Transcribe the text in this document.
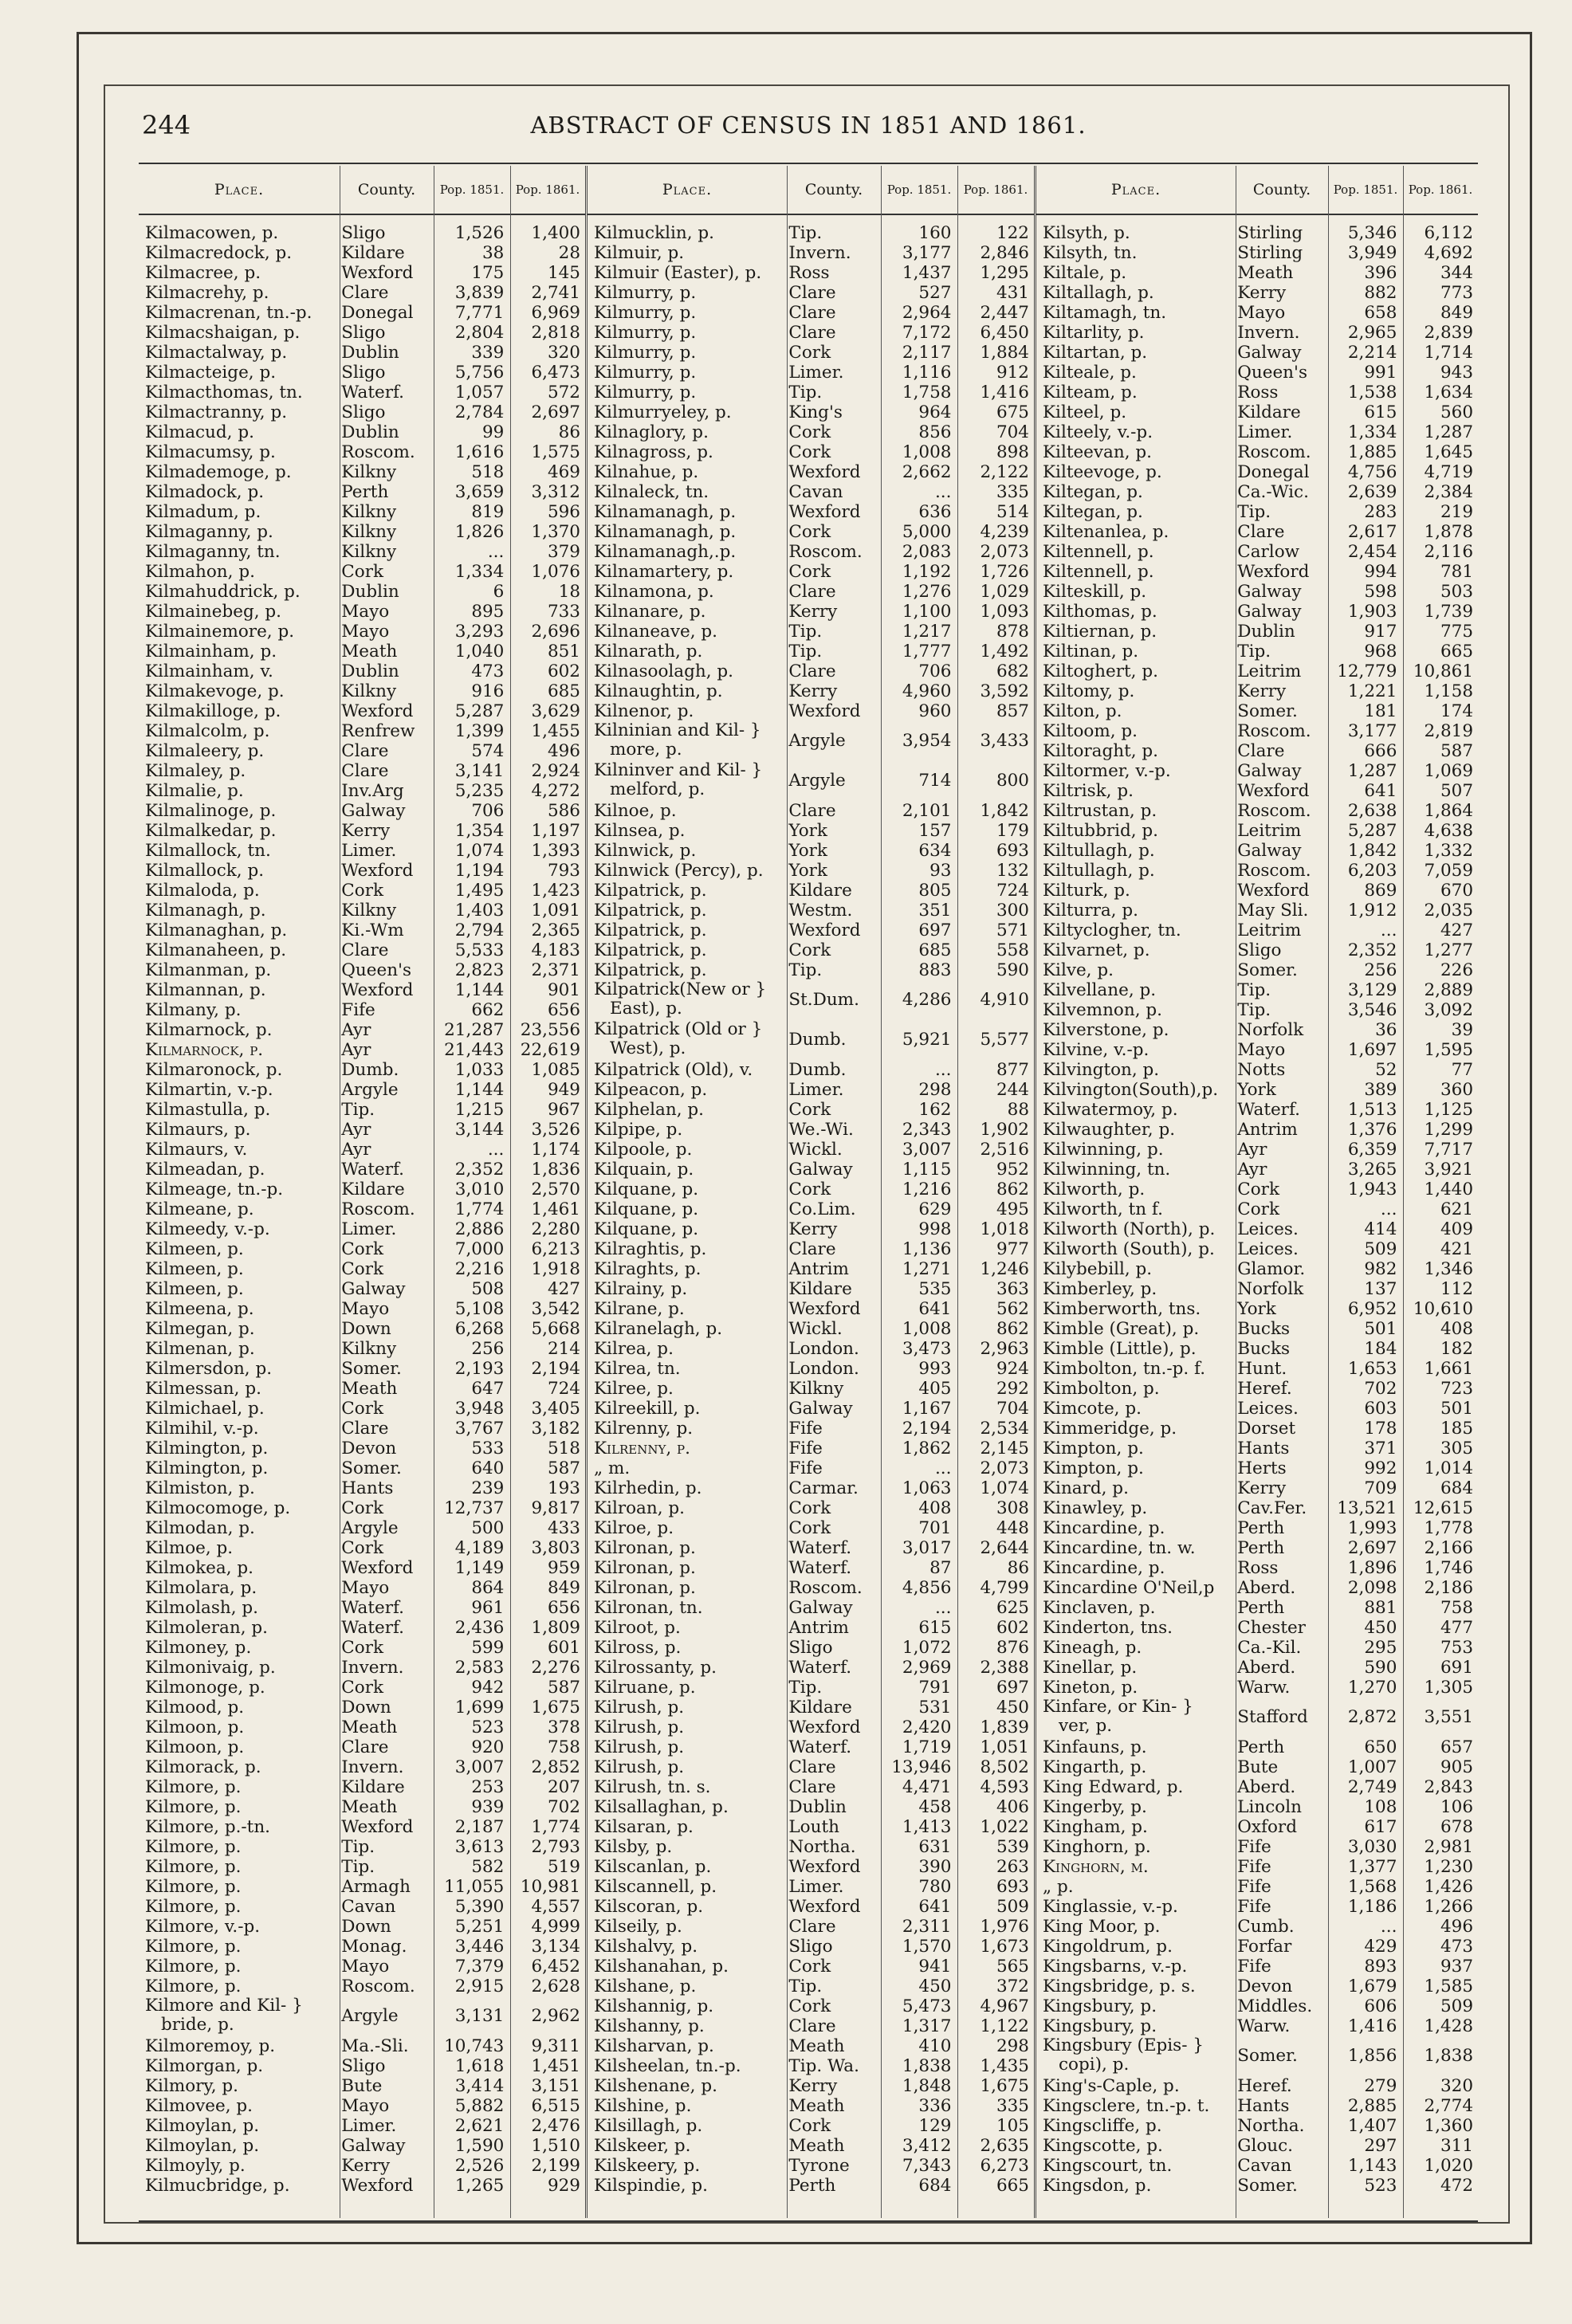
244	ABSTRACT OF CENSUS IN 1851 AND 1861.
Place.	County.	Pop. 1851. Pop. 1861.
Kilmacowen, p.	Sligo	1,526	1,400
Kilmacredock, p.	Kildare	38	28
Kilmacree, p.	Wexford	175	145
Kilmacrehy, p.	Clare	3,839	2,741
Kilmacrenan, tn.-p.	Donegal	7,771	6,969
Kilmacshaigan, p.	Sligo	2,804	2,818
Kilmactalway, p.	Dublin	339	320
Kilmacteige, p.	Sligo	5,756	6,473
Kilmacthomas, tn.	Waterf.	1,057	572
Kilmactranny, p.	Sligo	2,784	2,697
Kilmacud, p.	Dublin	99	86
Kilmacumsy, p.	Roscom.	1,616	1,575
Kilmademoge, p.	Kilkny	518	469
Kilmadock, p.	Perth	3,659	3,312
Kilmadum, p.	Kilkny	819	596
Kilmaganny, p.	Kilkny	1,826	1,370
Kilmaganny, tn.	Kilkny	...	379
Kilmahon, p.	Cork	1,334	1,076
Kilmahuddrick, p.	Dublin	6	18
Kilmainebeg, p.	Mayo	895	733
Kilmainemore, p.	Mayo	3,293	2,696
Kilmainham, p.	Meath	1,040	851
Kilmainham, v.	Dublin	473	602
Kilmakevoge, p.	Kilkny	916	685
Kilmakilloge, p.	Wexford	5,287	3,629
Kilmalcolm, p.	Renfrew	1,399	1,455
Kilmaleery, p.	Clare	574	496
Kilmaley, p.	Clare	3,141	2,924
Kilmalie, p.	Inv.Arg	5,235	4,272
Kilmalinoge, p.	Galway	706	586
Kilmalkedar, p.	Kerry	1,354	1,197
Kilmallock, tn.	Limer.	1,074	1,393
Kilmallock, p.	Wexford	1,194	793
Kilmaloda, p.	Cork	1,495	1,423
Kilmanagh, p.	Kilkny	1,403	1,091
Kilmanaghan, p.	Ki.-Wm	2,794	2,365
Kilmanaheen, p.	Clare	5,533	4,183
Kilmanman, p.	Queen's	2,823	2,371
Kilmannan, p.	Wexford	1,144	901
Kilmany, p.	Fife	662	656
Kilmarnock, p.	Ayr	21,287 23,556
Kilmarnock, p.	Ayr	21,443 22,619
Kilmaronock, p.	Dumb.	1,033	1,085
Kilmartin, v.-p.	Argyle	1,144	949
Kilmastulla, p.	Tip.	1,215	967
Kilmaurs, p.	Ayr	3,144	3,526
Kilmaurs, v.	Ayr	...	1,174
Kilmeadan, p.	Waterf.	2,352	1,836
Kilmeage, tn.-p.	Kildare	3,010	2,570
Kilmeane, p.	Roscom.	1,774	1,461
Kilmeedy, v.-p.	Limer.	2,886	2,280
Kilmeen, p.	Cork	7,000	6,213
Kilmeen, p.	Cork	2,216	1,918
Kilmeen, p.	Galway	508	427
Kilmeena, p.	Mayo	5,108	3,542
Kilmegan, p.	Down	6,268	5,668
Kilmenan, p.	Kilkny	256	214
Kilmersdon, p.	Somer.	2,193	2,194
Kilmessan, p.	Meath	647	724
Kilmichael, p.	Cork	3,948	3,405
Kilmihil, v.-p.	Clare	3,767	3,182
Kilmington, p.	Devon	533	518
Kilmington, p.	Somer.	640	587
Kilmiston, p.	Hants	239	193
Kilmocomoge, p.	Cork	12,737	9,817
Kilmodan, p.	Argyle	500	433
Kilmoe, p.	Cork	4,189	3,803
Kilmokea, p.	Wexford	1,149	959
Kilmolara, p.	Mayo	864	849
Kilmolash, p.	Waterf.	961	656
Kilmoleran, p.	Waterf.	2,436	1,809
Kilmoney, p.	Cork	599	601
Kilmonivaig, p.	Invern.	2,583	2,276
Kilmonoge, p.	Cork	942	587
Kilmood, p.	Down	1,699	1,675
Kilmoon, p.	Meath	523	378
Kilmoon, p.	Clare	920	758
Kilmorack, p.	Invern.	3,007	2,852
Kilmore, p.	Kildare	253	207
Kilmore, p.	Meath	939	702
Kilmore, p.-tn.	Wexford	2,187	1,774
Kilmore, p.	Tip.	3,613	2,793
Kilmore, p.	Tip.	582	519
Kilmore, p.	Armagh	11,055 10,981
Kilmore, p.	Cavan	5,390	4,557
Kilmore, v.-p.	Down	5,251	4,999
Kilmore, p.	Monag.	3,446	3,134
Kilmore, p.	Mayo	7,379	6,452
Kilmore, p.	Roscom.	2,915	2,628
Kilmore and Kil- }
bride, p.	Argyle	3,131	2,962
Kilmoremoy, p.	Ma.-Sli.	10,743	9,311
Kilmorgan, p.	Sligo	1,618	1,451
Kilmory, p.	Bute	3,414	3,151
Kilmovee, p.	Mayo	5,882	6,515
Kilmoylan, p.	Limer.	2,621	2,476
Kilmoylan, p.	Galway	1,590	1,510
Kilmoyly, p.	Kerry	2,526	2,199
Kilmucbridge, p.	Wexford	1,265	929
Place.	County.	Pop. 1851.	Pop. 1861.
Kilmucklin, p.	Tip.	160	122
Kilmuir, p.	Invern.	3,177	2,846
Kilmuir (Easter), p.	Ross	1,437	1,295
Kilmurry, p.	Clare	527	431
Kilmurry, p.	Clare	2,964	2,447
Kilmurry, p.	Clare	7,172	6,450
Kilmurry, p.	Cork	2,117	1,884
Kilmurry, p.	Limer.	1,116	912
Kilmurry, p.	Tip.	1,758	1,416
Kilmurryeley, p.	King's	964	675
Kilnaglory, p.	Cork	856	704
Kilnagross, p.	Cork	1,008	898
Kilnahue, p.	Wexford	2,662	2,122
Kilnaleck, tn.	Cavan	...	335
Kilnamanagh, p.	Wexford	636	514
Kilnamanagh, p.	Cork	5,000	4,239
Kilnamanagh,.p.	Roscom.	2,083	2,073
Kilnamartery, p.	Cork	1,192	1,726
Kilnamona, p.	Clare	1,276	1,029
Kilnanare, p.	Kerry	1,100	1,093
Kilnaneave, p.	Tip.	1,217	878
Kilnarath, p.	Tip.	1,777	1,492
Kilnasoolagh, p.	Clare	706	682
Kilnaughtin, p.	Kerry	4,960	3,592
Kilnenor, p.	Wexford	960	857
Kilninian and Kil- }
more, p.	Argyle	3,954	3,433
Kilninver and Kil- }
melford, p.	Argyle	714	800
Kilnoe, p.	Clare	2,101	1,842
Kilnsea, p.	York	157	179
Kilnwick, p.	York	634	693
Kilnwick (Percy), p.	York	93	132
Kilpatrick, p.	Kildare	805	724
Kilpatrick, p.	Westm.	351	300
Kilpatrick, p.	Wexford	697	571
Kilpatrick, p.	Cork	685	558
Kilpatrick, p.	Tip.	883	590
Kilpatrick(New or }
East), p.	St.Dum.	4,286	4,910
Kilpatrick (Old or }
West), p.	Dumb.	5,921	5,577
Kilpatrick (Old), v.	Dumb.	...	877
Kilpeacon, p.	Limer.	298	244
Kilphelan, p.	Cork	162	88
Kilpipe, p.	We.-Wi.	2,343	1,902
Kilpoole, p.	Wickl.	3,007	2,516
Kilquain, p.	Galway	1,115	952
Kilquane, p.	Cork	1,216	862
Kilquane, p.	Co.Lim.	629	495
Kilquane, p.	Kerry	998	1,018
Kilraghtis, p.	Clare	1,136	977
Kilraghts, p.	Antrim	1,271	1,246
Kilrainy, p.	Kildare	535	363
Kilrane, p.	Wexford	641	562
Kilranelagh, p.	Wickl.	1,008	862
Kilrea, p.	London.	3,473	2,963
Kilrea, tn.	London.	993	924
Kilree, p.	Kilkny	405	292
Kilreekill, p.	Galway	1,167	704
Kilrenny, p.	Fife	2,194	2,534
Kilrenny, p.	Fife	1,862	2,145
„ m.	Fife	...	2,073
Kilrhedin, p.	Carmar.	1,063	1,074
Kilroan, p.	Cork	408	308
Kilroe, p.	Cork	701	448
Kilronan, p.	Waterf.	3,017	2,644
Kilronan, p.	Waterf.	87	86
Kilronan, p.	Roscom.	4,856	4,799
Kilronan, tn.	Galway	...	625
Kilroot, p.	Antrim	615	602
Kilross, p.	Sligo	1,072	876
Kilrossanty, p.	Waterf.	2,969	2,388
Kilruane, p.	Tip.	791	697
Kilrush, p.	Kildare	531	450
Kilrush, p.	Wexford	2,420	1,839
Kilrush, p.	Waterf.	1,719	1,051
Kilrush, p.	Clare	13,946	8,502
Kilrush, tn. s.	Clare	4,471	4,593
Kilsallaghan, p.	Dublin	458	406
Kilsaran, p.	Louth	1,413	1,022
Kilsby, p.	Northa.	631	539
Kilscanlan, p.	Wexford	390	263
Kilscannell, p.	Limer.	780	693
Kilscoran, p.	Wexford	641	509
Kilseily, p.	Clare	2,311	1,976
Kilshalvy, p.	Sligo	1,570	1,673
Kilshanahan, p.	Cork	941	565
Kilshane, p.	Tip.	450	372
Kilshannig, p.	Cork	5,473	4,967
Kilshanny, p.	Clare	1,317	1,122
Kilsharvan, p.	Meath	410	298
Kilsheelan, tn.-p.	Tip. Wa.	1,838	1,435
Kilshenane, p.	Kerry	1,848	1,675
Kilshine, p.	Meath	336	335
Kilsillagh, p.	Cork	129	105
Kilskeer, p.	Meath	3,412	2,635
Kilskeery, p.	Tyrone	7,343	6,273
Kilspindie, p.	Perth	684	665
Place.	County.	Pop. 1851. Pop. 1861.
Kilsyth, p.	Stirling	5,346	6,112
Kilsyth, tn.	Stirling	3,949	4,692
Kiltale, p.	Meath	396	344
Kiltallagh, p.	Kerry	882	773
Kiltamagh, tn.	Mayo	658	849
Kiltarlity, p.	Invern.	2,965	2,839
Kiltartan, p.	Galway	2,214	1,714
Kilteale, p.	Queen's	991	943
Kilteam, p.	Ross	1,538	1,634
Kilteel, p.	Kildare	615	560
Kilteely, v.-p.	Limer.	1,334	1,287
Kilteevan, p.	Roscom.	1,885	1,645
Kilteevoge, p.	Donegal	4,756	4,719
Kiltegan, p.	Ca.-Wic.	2,639	2,384
Kiltegan, p.	Tip.	283	219
Kiltenanlea, p.	Clare	2,617	1,878
Kiltennell, p.	Carlow	2,454	2,116
Kiltennell, p.	Wexford	994	781
Kilteskill, p.	Galway	598	503
Kilthomas, p.	Galway	1,903	1,739
Kiltiernan, p.	Dublin	917	775
Kiltinan, p.	Tip.	968	665
Kiltoghert, p.	Leitrim	12,779 10,861
Kiltomy, p.	Kerry	1,221	1,158
Kilton, p.	Somer.	181	174
Kiltoom, p.	Roscom.	3,177	2,819
Kiltoraght, p.	Clare	666	587
Kiltormer, v.-p.	Galway	1,287	1,069
Kiltrisk, p.	Wexford	641	507
Kiltrustan, p.	Roscom.	2,638	1,864
Kiltubbrid, p.	Leitrim	5,287	4,638
Kiltullagh, p.	Galway	1,842	1,332
Kiltullagh, p.	Roscom.	6,203	7,059
Kilturk, p.	Wexford	869	670
Kilturra, p.	May Sli.	1,912	2,035
Kiltyclogher, tn.	Leitrim	...	427
Kilvarnet, p.	Sligo	2,352	1,277
Kilve, p.	Somer.	256	226
Kilvellane, p.	Tip.	3,129	2,889
Kilvemnon, p.	Tip.	3,546	3,092
Kilverstone, p.	Norfolk	36	39
Kilvine, v.-p.	Mayo	1,697	1,595
Kilvington, p.	Notts	52	77
Kilvington(South),p.	York	389	360
Kilwatermoy, p.	Waterf.	1,513	1,125
Kilwaughter, p.	Antrim	1,376	1,299
Kilwinning, p.	Ayr	6,359	7,717
Kilwinning, tn.	Ayr	3,265	3,921
Kilworth, p.	Cork	1,943	1,440
Kilworth, tn f.	Cork	...	621
Kilworth (North), p.	Leices.	414	409
Kilworth (South), p.	Leices.	509	421
Kilybebill, p.	Glamor.	982	1,346
Kimberley, p.	Norfolk	137	112
Kimberworth, tns.	York	6,952 10,610
Kimble (Great), p.	Bucks	501	408
Kimble (Little), p.	Bucks	184	182
Kimbolton, tn.-p. f.	Hunt.	1,653	1,661
Kimbolton, p.	Heref.	702	723
Kimcote, p.	Leices.	603	501
Kimmeridge, p.	Dorset	178	185
Kimpton, p.	Hants	371	305
Kimpton, p.	Herts	992	1,014
Kinard, p.	Kerry	709	684
Kinawley, p.	Cav.Fer.	13,521 12,615
Kincardine, p.	Perth	1,993	1,778
Kincardine, tn. w.	Perth	2,697	2,166
Kincardine, p.	Ross	1,896	1,746
Kincardine O'Neil,p	Aberd.	2,098	2,186
Kinclaven, p.	Perth	881	758
Kinderton, tns.	Chester	450	477
Kineagh, p.	Ca.-Kil.	295	753
Kinellar, p.	Aberd.	590	691
Kineton, p.	Warw.	1,270	1,305
Kinfare, or Kin- }
ver, p.	Stafford	2,872	3,551
Kinfauns, p.	Perth	650	657
Kingarth, p.	Bute	1,007	905
King Edward, p.	Aberd.	2,749	2,843
Kingerby, p.	Lincoln	108	106
Kingham, p.	Oxford	617	678
Kinghorn, p.	Fife	3,030	2,981
Kinghorn, m.	Fife	1,377	1,230
„ p.	Fife	1,568	1,426
Kinglassie, v.-p.	Fife	1,186	1,266
King Moor, p.	Cumb.	...	496
Kingoldrum, p.	Forfar	429	473
Kingsbarns, v.-p.	Fife	893	937
Kingsbridge, p. s.	Devon	1,679	1,585
Kingsbury, p.	Middles.	606	509
Kingsbury, p.	Warw.	1,416	1,428
Kingsbury (Epis- }
copi), p.	Somer.	1,856	1,838
King's-Caple, p.	Heref.	279	320
Kingsclere, tn.-p. t.	Hants	2,885	2,774
Kingscliffe, p.	Northa.	1,407	1,360
Kingscotte, p.	Glouc.	297	311
Kingscourt, tn.	Cavan	1,143	1,020
Kingsdon, p.	Somer.	523	472
